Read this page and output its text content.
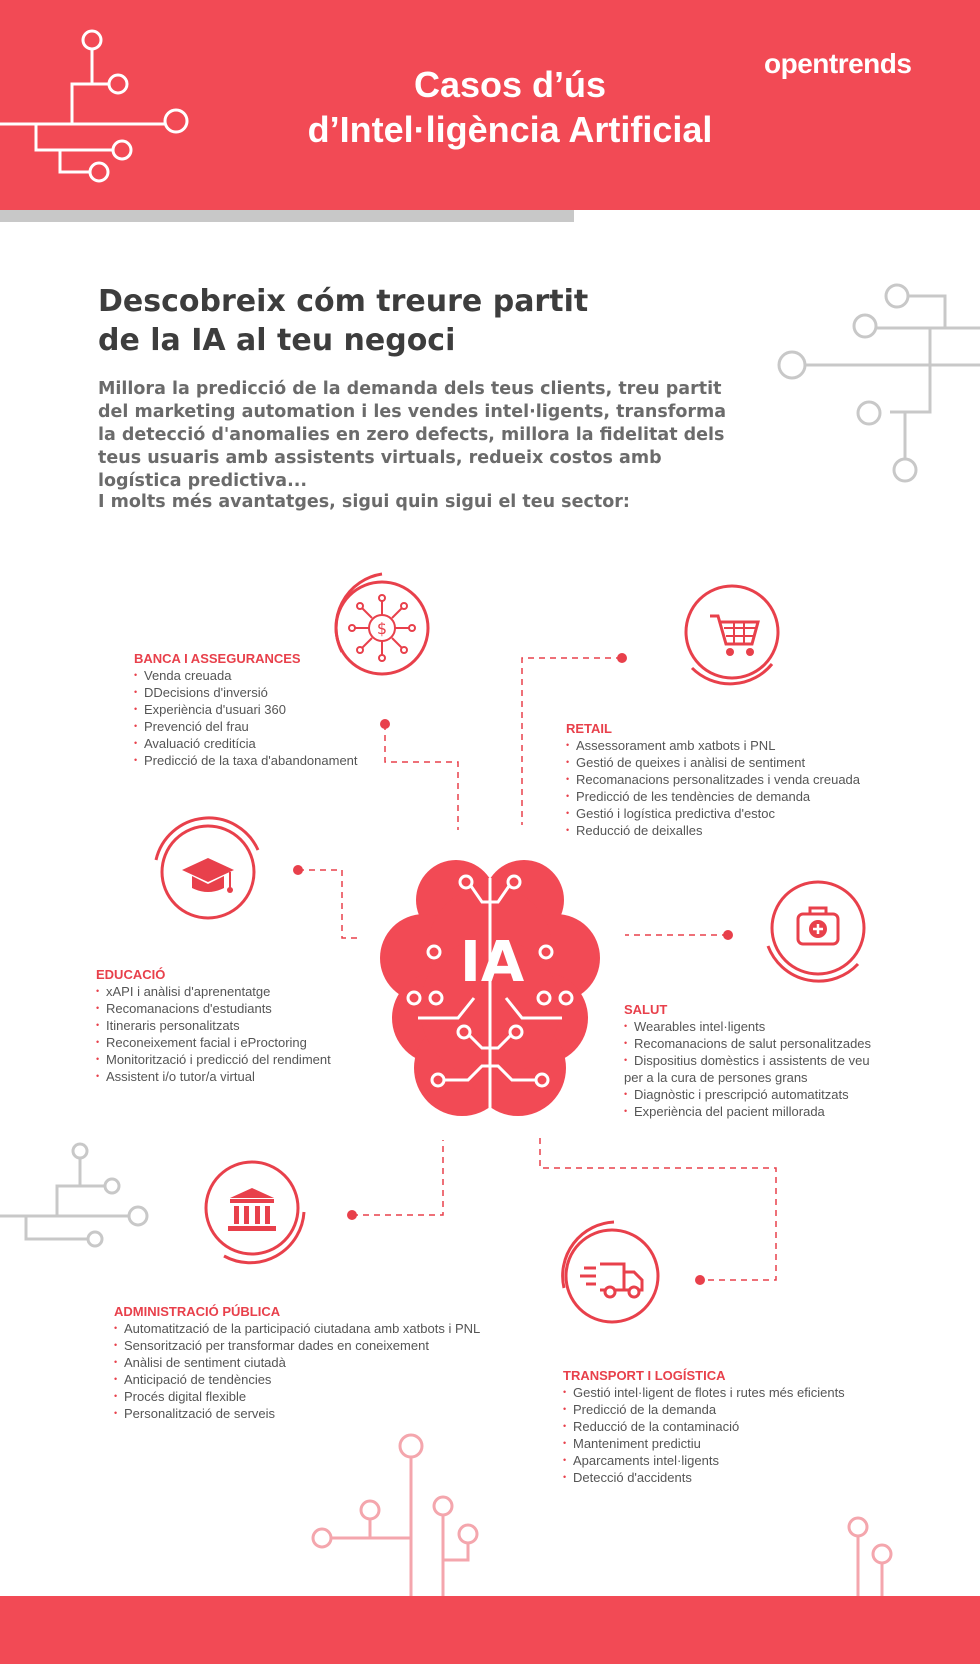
Casos d’ús
d’Intel·ligència Artificial
opentrends
Descobreix cóm treure partit
de la IA al teu negoci

Millora la predicció de la demanda dels teus clients, treu partit del marketing automation i les vendes intel·ligents, transforma la detecció d'anomalies en zero defects, millora la fidelitat dels teus usuaris amb assistents virtuals, redueix costos amb logística predictiva...

I molts més avantatges, sigui quin sigui el teu sector:

$
IA
BANCA I ASSEGURANCES
• Venda creuada
• DDecisions d'inversió
• Experiència d'usuari 360
• Prevenció del frau
• Avaluació creditícia
• Predicció de la taxa d'abandonament
RETAIL
• Assessorament amb xatbots i PNL
• Gestió de queixes i anàlisi de sentiment
• Recomanacions personalitzades i venda creuada
• Predicció de les tendències de demanda
• Gestió i logística predictiva d'estoc
• Reducció de deixalles
EDUCACIÓ
• xAPI i anàlisi d'aprenentatge
• Recomanacions d'estudiants
• Itineraris personalitzats
• Reconeixement facial i eProctoring
• Monitorització i predicció del rendiment
• Assistent i/o tutor/a virtual
SALUT
• Wearables intel·ligents
• Recomanacions de salut personalitzades
• Dispositius domèstics i assistents de veu
per a la cura de persones grans
• Diagnòstic i prescripció automatitzats
• Experiència del pacient millorada
ADMINISTRACIÓ PÚBLICA
• Automatització de la participació ciutadana amb xatbots i PNL
• Sensorització per transformar dades en coneixement
• Anàlisi de sentiment ciutadà
• Anticipació de tendències
• Procés digital flexible
• Personalització de serveis
TRANSPORT I LOGÍSTICA
• Gestió intel·ligent de flotes i rutes més eficients
• Predicció de la demanda
• Reducció de la contaminació
• Manteniment predictiu
• Aparcaments intel·ligents
• Detecció d'accidents
